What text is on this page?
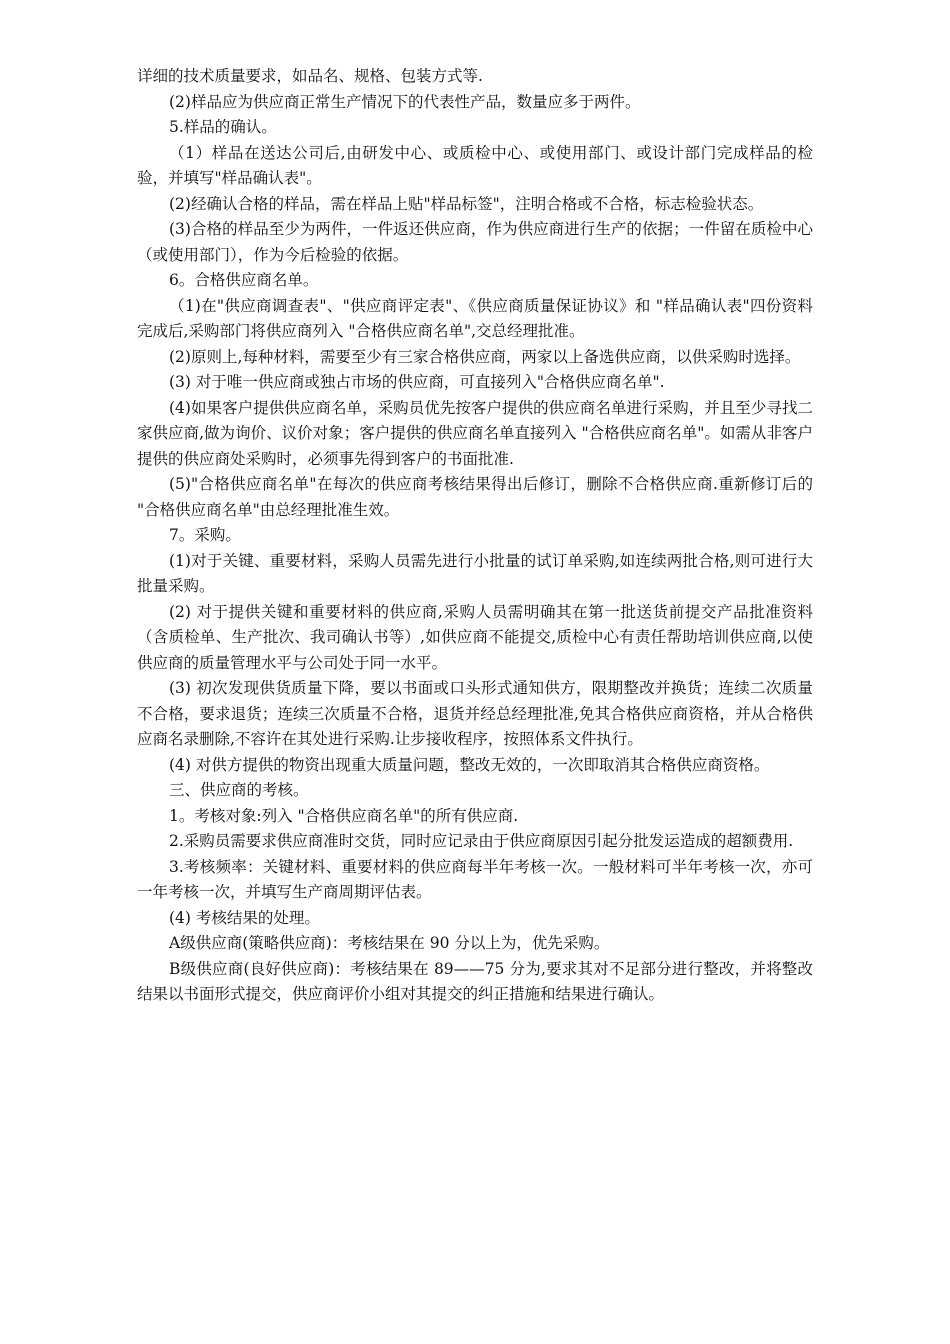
详细的技术质量要求，如品名、规格、包装方式等.

(2)样品应为供应商正常生产情况下的代表性产品，数量应多于两件。

5.样品的确认。

（1）样品在送达公司后,由研发中心、或质检中心、或使用部门、或设计部门完成样品的检验，并填写"样品确认表"。

(2)经确认合格的样品，需在样品上贴"样品标签"，注明合格或不合格，标志检验状态。

(3)合格的样品至少为两件，一件返还供应商，作为供应商进行生产的依据；一件留在质检中心（或使用部门），作为今后检验的依据。

6。合格供应商名单。

（1)在"供应商调查表"、"供应商评定表"、《供应商质量保证协议》和 "样品确认表"四份资料完成后,采购部门将供应商列入 "合格供应商名单",交总经理批准。

(2)原则上,每种材料，需要至少有三家合格供应商，两家以上备选供应商，以供采购时选择。

(3) 对于唯一供应商或独占市场的供应商，可直接列入"合格供应商名单".

(4)如果客户提供供应商名单，采购员优先按客户提供的供应商名单进行采购，并且至少寻找二家供应商,做为询价、议价对象；客户提供的供应商名单直接列入 "合格供应商名单"。如需从非客户提供的供应商处采购时，必须事先得到客户的书面批准.

(5)"合格供应商名单"在每次的供应商考核结果得出后修订，删除不合格供应商.重新修订后的 "合格供应商名单"由总经理批准生效。

7。采购。

(1)对于关键、重要材料，采购人员需先进行小批量的试订单采购,如连续两批合格,则可进行大批量采购。

(2) 对于提供关键和重要材料的供应商,采购人员需明确其在第一批送货前提交产品批准资料（含质检单、生产批次、我司确认书等）,如供应商不能提交,质检中心有责任帮助培训供应商,以使供应商的质量管理水平与公司处于同一水平。

(3) 初次发现供货质量下降，要以书面或口头形式通知供方，限期整改并换货；连续二次质量不合格，要求退货；连续三次质量不合格，退货并经总经理批准,免其合格供应商资格，并从合格供应商名录删除,不容许在其处进行采购.让步接收程序，按照体系文件执行。

(4) 对供方提供的物资出现重大质量问题，整改无效的，一次即取消其合格供应商资格。

三、供应商的考核。

1。考核对象:列入 "合格供应商名单"的所有供应商.

2.采购员需要求供应商准时交货，同时应记录由于供应商原因引起分批发运造成的超额费用.

3.考核频率：关键材料、重要材料的供应商每半年考核一次。一般材料可半年考核一次，亦可一年考核一次，并填写生产商周期评估表。

(4) 考核结果的处理。

A级供应商(策略供应商)：考核结果在 90 分以上为，优先采购。

B级供应商(良好供应商)：考核结果在 89——75 分为,要求其对不足部分进行整改，并将整改结果以书面形式提交，供应商评价小组对其提交的纠正措施和结果进行确认。
